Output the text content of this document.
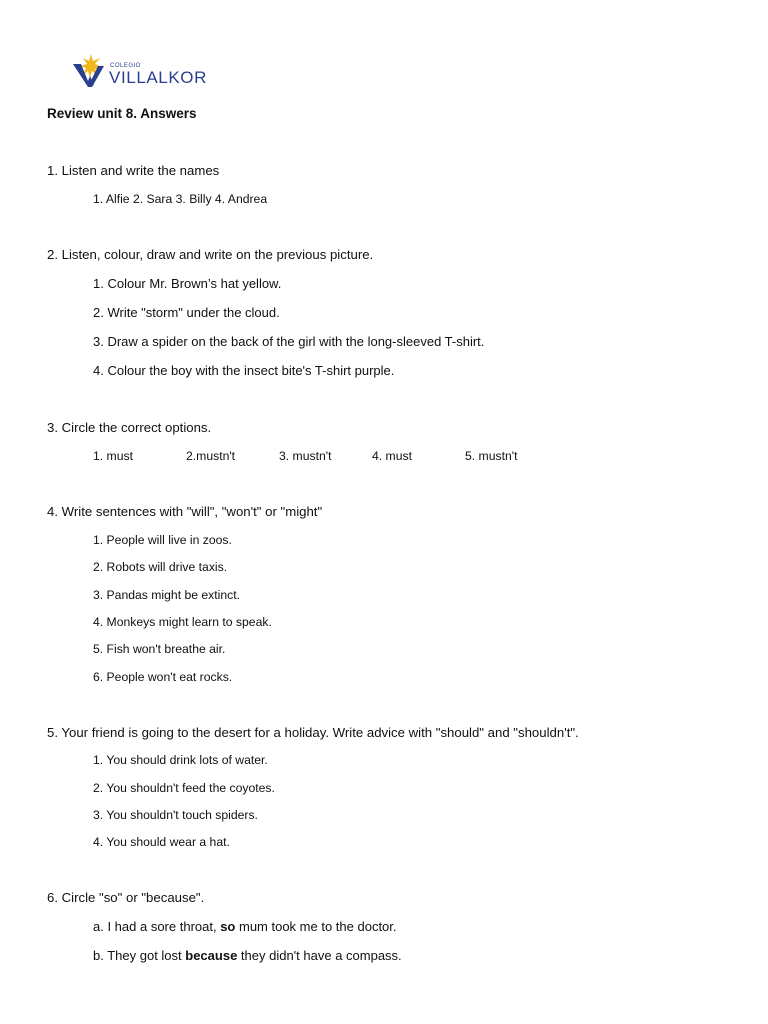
COLEGIO
VILLALKOR
Review unit 8. Answers
1. Listen and write the names
1. Alfie 2. Sara 3. Billy 4. Andrea
2. Listen, colour, draw and write on the previous picture.
1. Colour Mr. Brown’s hat yellow.
2. Write "storm" under the cloud.
3. Draw a spider on the back of the girl with the long-sleeved T-shirt.
4. Colour the boy with the insect bite's T-shirt purple.
3. Circle the correct options.
1. must	2.mustn't	3. mustn't	4. must	5. mustn't
4. Write sentences with "will", "won't" or "might"
1. People will live in zoos.
2. Robots will drive taxis.
3. Pandas might be extinct.
4. Monkeys might learn to speak.
5. Fish won't breathe air.
6. People won't eat rocks.
5. Your friend is going to the desert for a holiday. Write advice with "should" and "shouldn't".
1. You should drink lots of water.
2. You shouldn't feed the coyotes.
3. You shouldn't touch spiders.
4. You should wear a hat.
6. Circle "so" or "because".
a. I had a sore throat, so mum took me to the doctor.
b. They got lost because they didn't have a compass.
